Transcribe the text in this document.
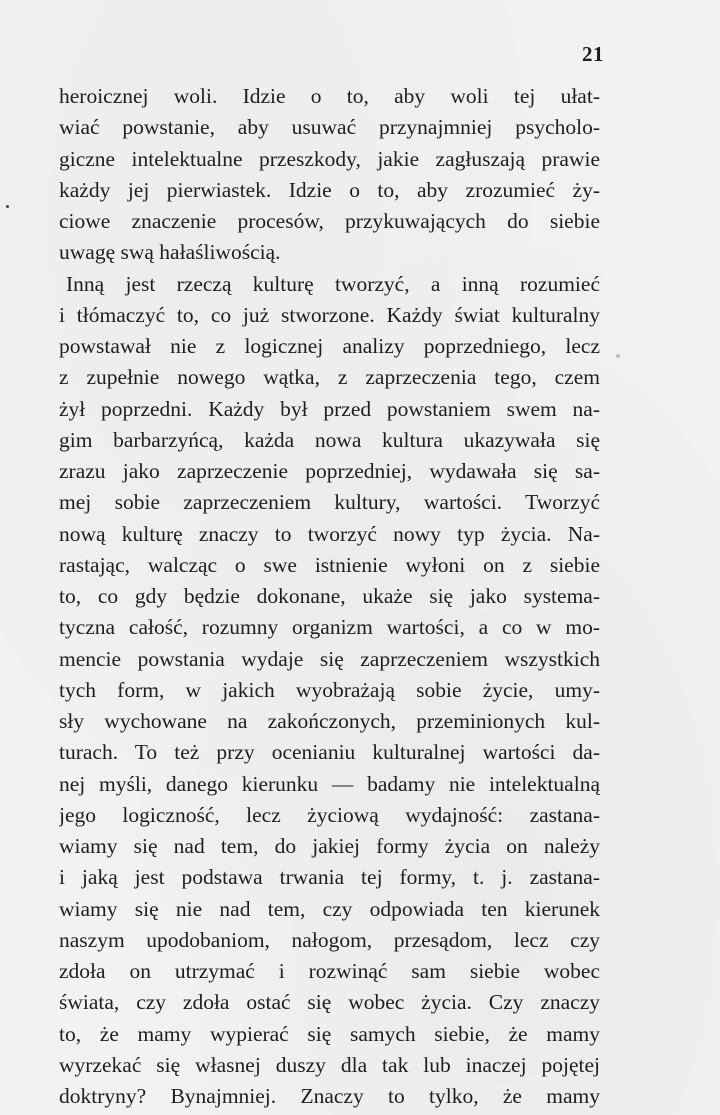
21
heroicznej woli. Idzie o to, aby woli tej ułat-
wiać powstanie, aby usuwać przynajmniej psycholo-
giczne intelektualne przeszkody, jakie zagłuszają prawie
każdy jej pierwiastek. Idzie o to, aby zrozumieć ży-
ciowe znaczenie procesów, przykuwających do siebie
uwagę swą hałaśliwością.
Inną jest rzeczą kulturę tworzyć, a inną rozumieć
i tłómaczyć to, co już stworzone. Każdy świat kulturalny
powstawał nie z logicznej analizy poprzedniego, lecz
z zupełnie nowego wątka, z zaprzeczenia tego, czem
żył poprzedni. Każdy był przed powstaniem swem na-
gim barbarzyńcą, każda nowa kultura ukazywała się
zrazu jako zaprzeczenie poprzedniej, wydawała się sa-
mej sobie zaprzeczeniem kultury, wartości. Tworzyć
nową kulturę znaczy to tworzyć nowy typ życia. Na-
rastając, walcząc o swe istnienie wyłoni on z siebie
to, co gdy będzie dokonane, ukaże się jako systema-
tyczna całość, rozumny organizm wartości, a co w mo-
mencie powstania wydaje się zaprzeczeniem wszystkich
tych form, w jakich wyobrażają sobie życie, umy-
sły wychowane na zakończonych, przeminionych kul-
turach. To też przy ocenianiu kulturalnej wartości da-
nej myśli, danego kierunku — badamy nie intelektualną
jego logiczność, lecz życiową wydajność: zastana-
wiamy się nad tem, do jakiej formy życia on należy
i jaką jest podstawa trwania tej formy, t. j. zastana-
wiamy się nie nad tem, czy odpowiada ten kierunek
naszym upodobaniom, nałogom, przesądom, lecz czy
zdoła on utrzymać i rozwinąć sam siebie wobec
świata, czy zdoła ostać się wobec życia. Czy znaczy
to, że mamy wypierać się samych siebie, że mamy
wyrzekać się własnej duszy dla tak lub inaczej pojętej
doktryny? Bynajmniej. Znaczy to tylko, że mamy
